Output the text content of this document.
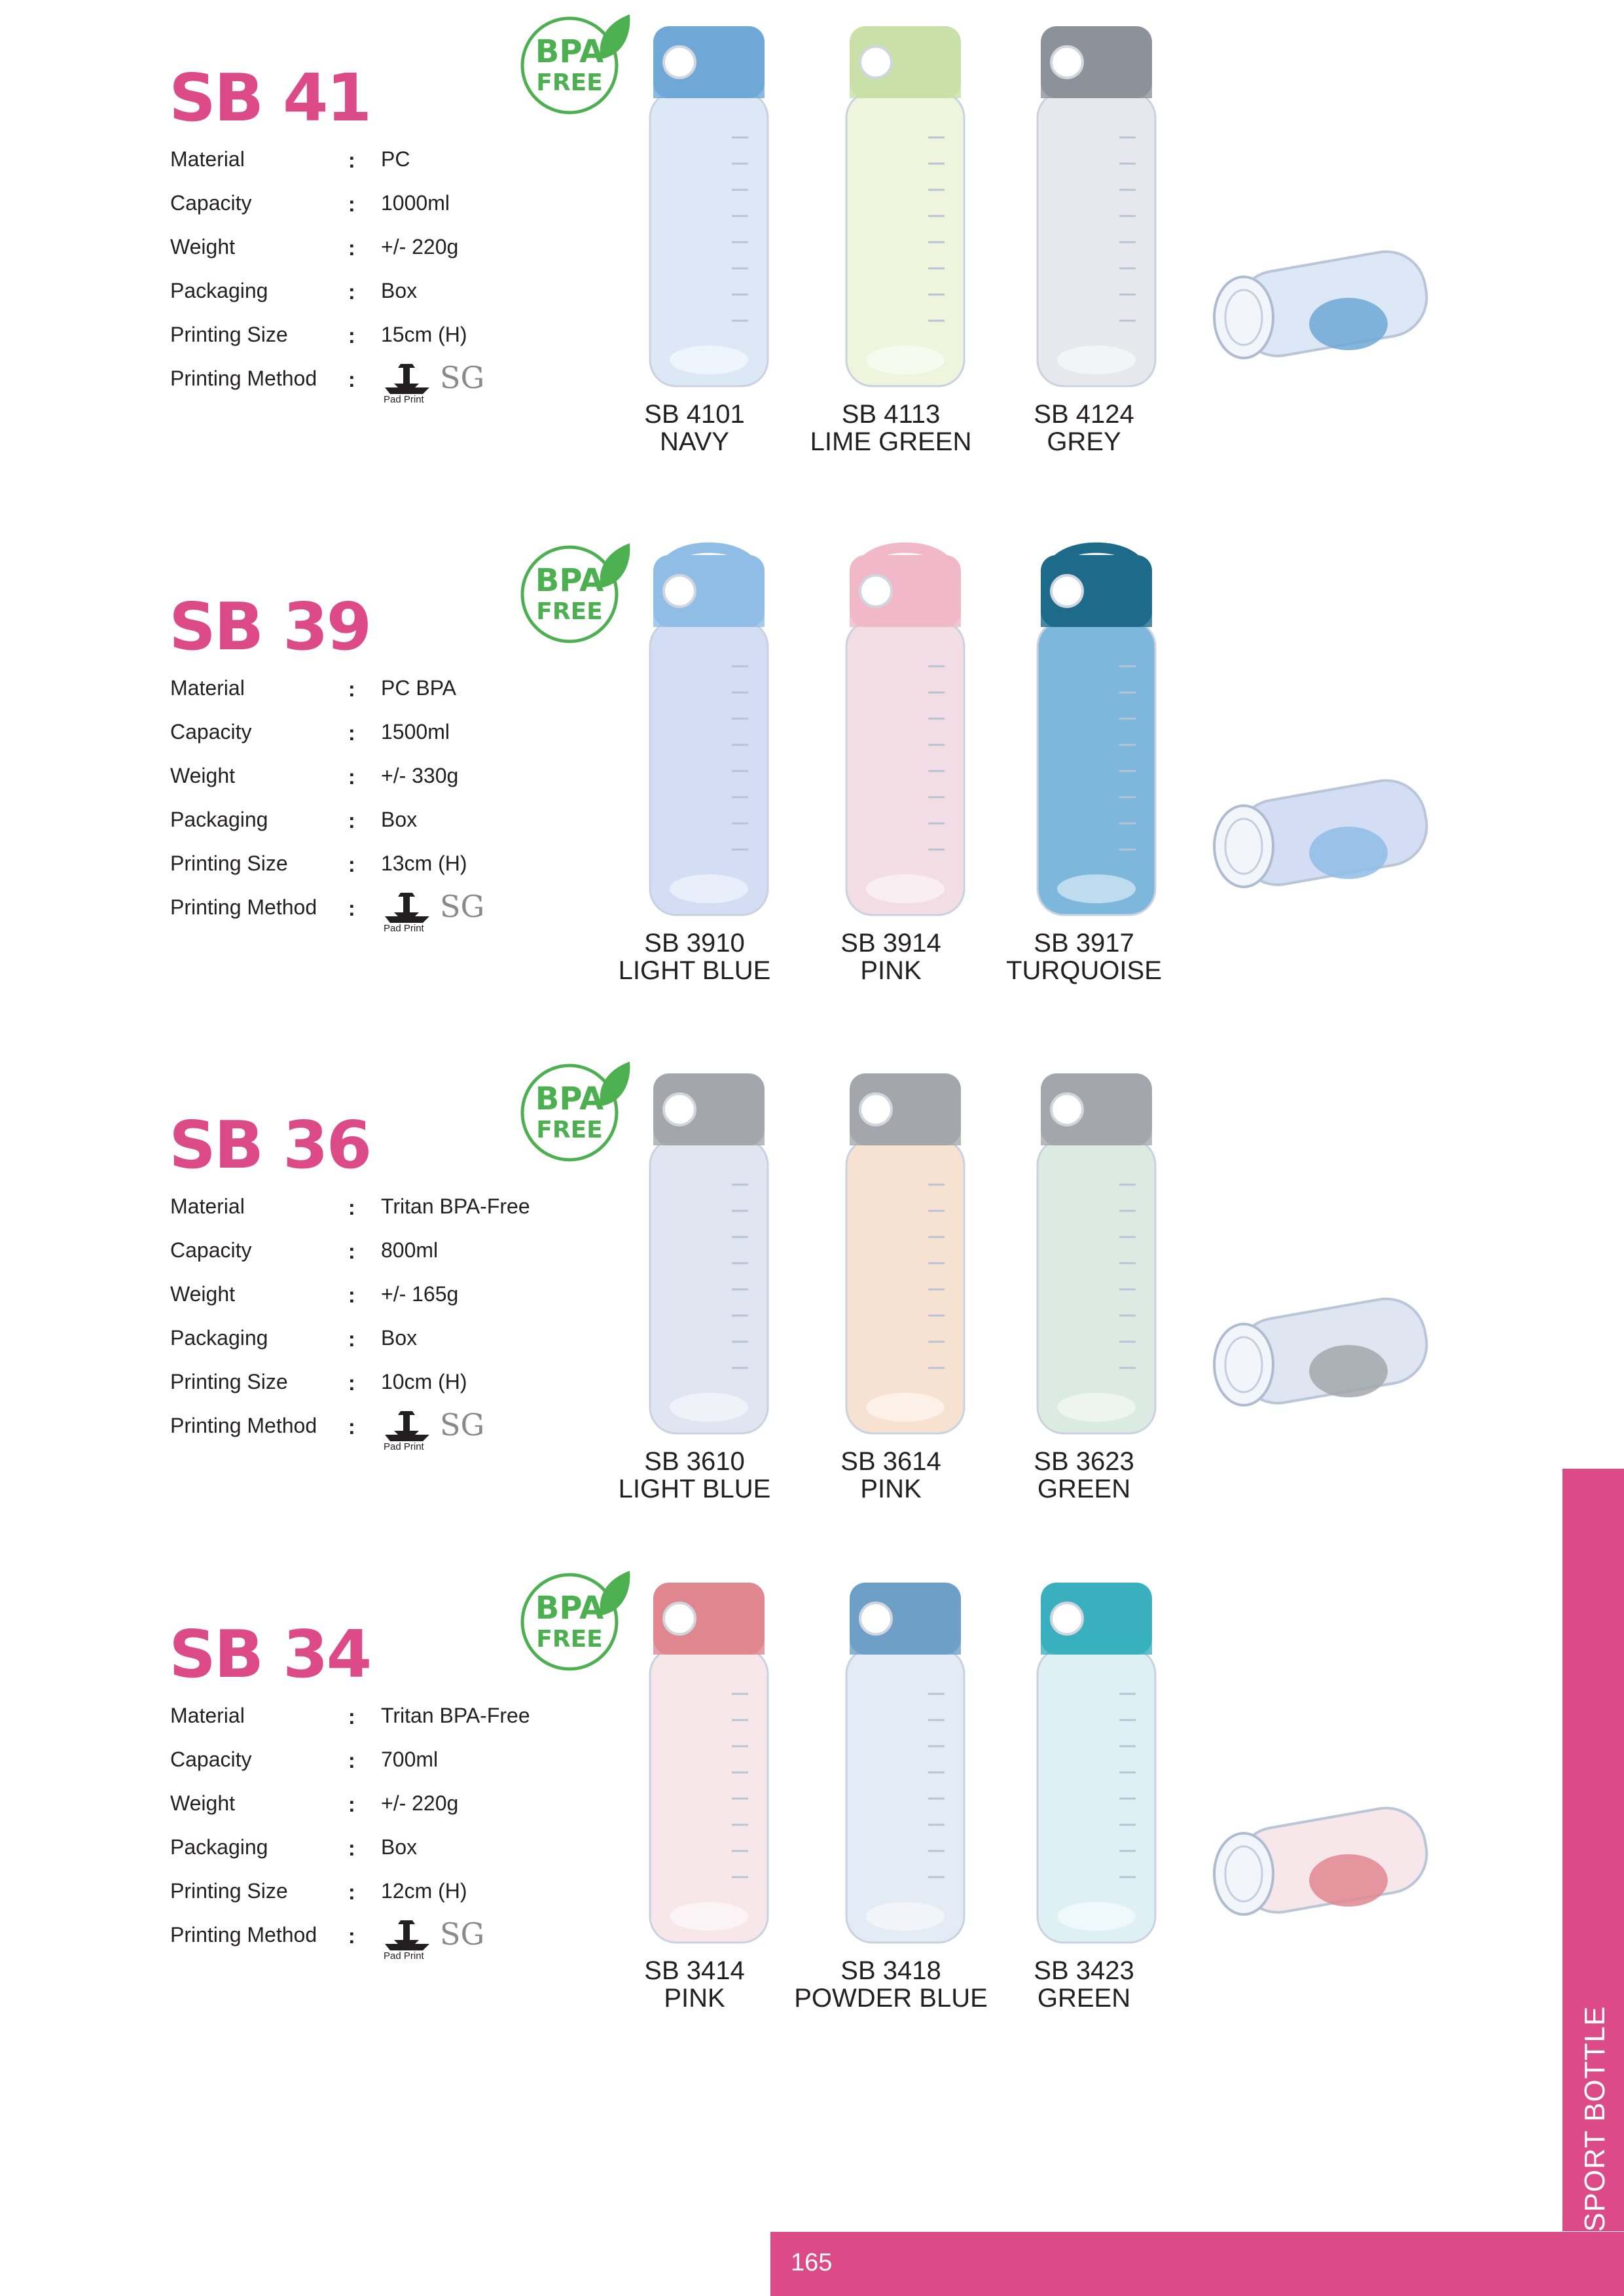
SB 41
Material	: PC
Capacity	: 1000ml
Weight	: +/- 220g
Packaging	: Box
Printing Size	: 15cm (H)
Printing Method :
Pad Print
SG
BPA
FREE
SB 4101
NAVY
SB 4113
LIME GREEN
SB 4124
GREY
SB 39
Material	: PC BPA
Capacity	: 1500ml
Weight	: +/- 330g
Packaging	: Box
Printing Size	: 13cm (H)
Printing Method :
Pad Print
SG
BPA
FREE
SB 3910
LIGHT BLUE
SB 3914
PINK
SB 3917
TURQUOISE
SB 36
Material	: Tritan BPA-Free
Capacity	: 800ml
Weight	: +/- 165g
Packaging	: Box
Printing Size	: 10cm (H)
Printing Method :
Pad Print
SG
BPA
FREE
SB 3610
LIGHT BLUE
SB 3614
PINK
SB 3623
GREEN
SB 34
Material	: Tritan BPA-Free
Capacity	: 700ml
Weight	: +/- 220g
Packaging	: Box
Printing Size	: 12cm (H)
Printing Method :
Pad Print
SG
BPA
FREE
SB 3414
PINK
SB 3418
POWDER BLUE
SB 3423
GREEN
SPORT BOTTLE
165
